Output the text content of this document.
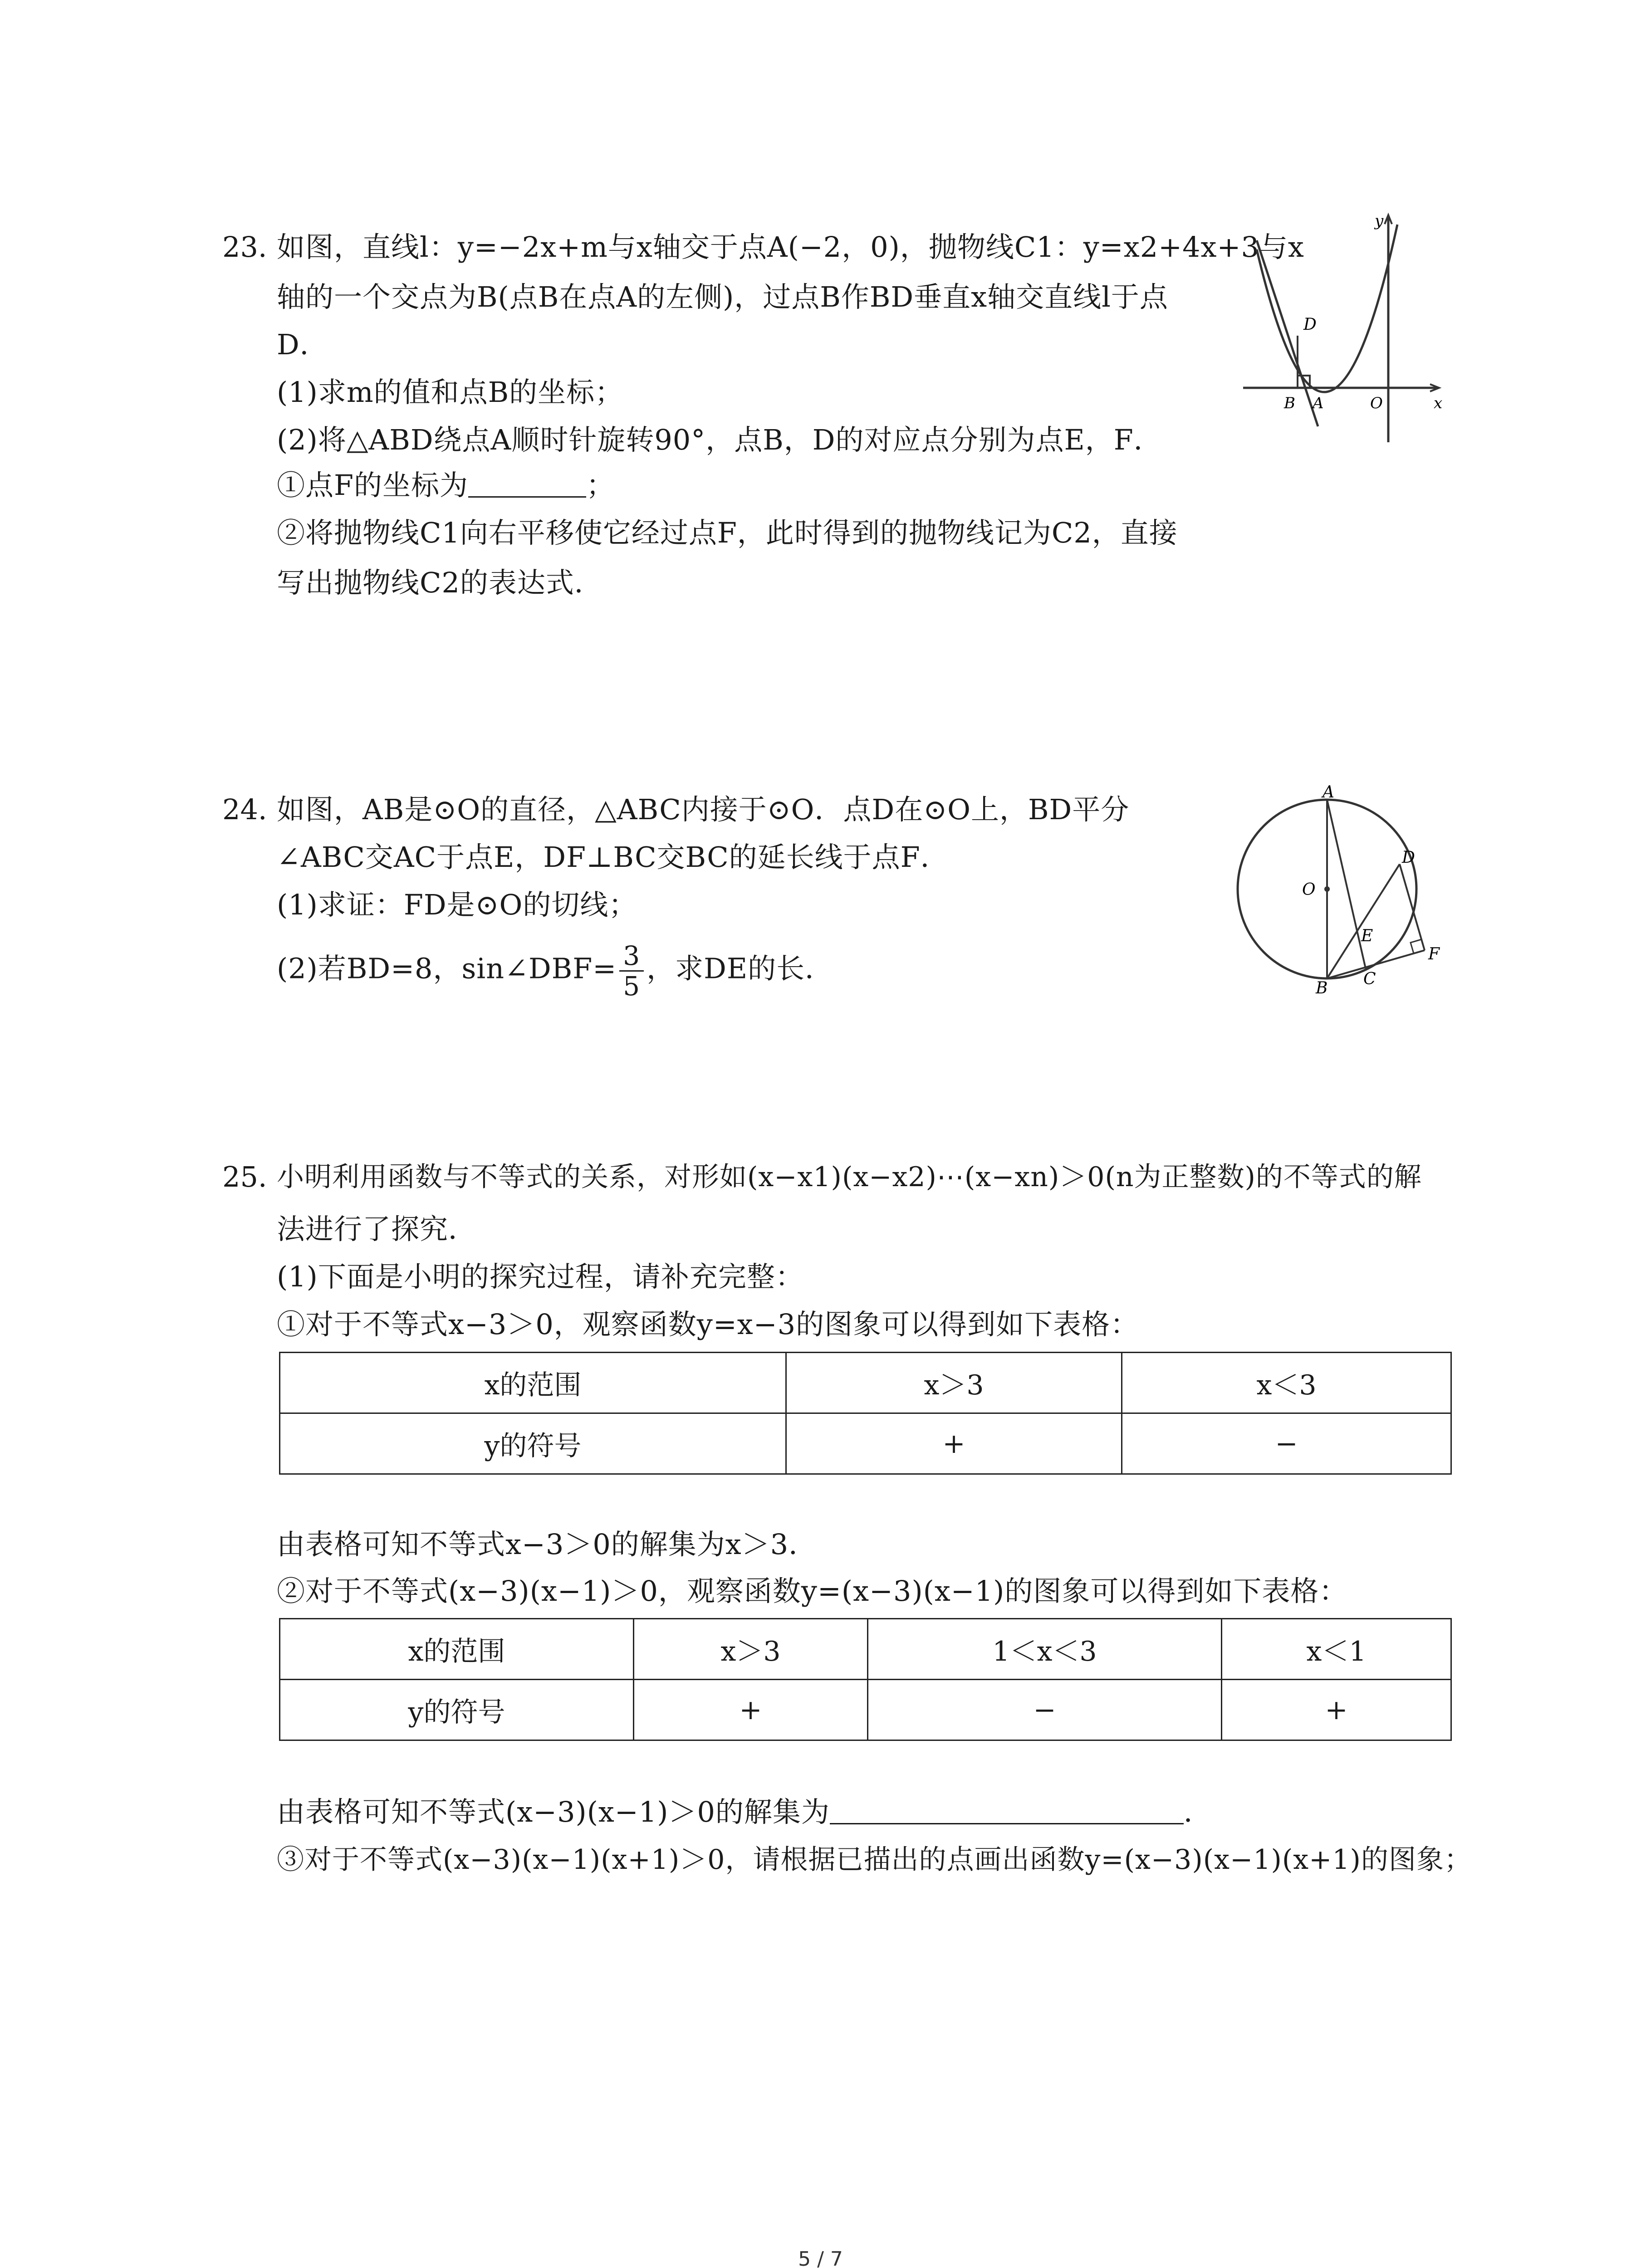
23. 如图，直线l：y=−2x+m与x轴交于点A(−2，0)，抛物线C1：y=x2+4x+3与x
轴的一个交点为B(点B在点A的左侧)，过点B作BD垂直x轴交直线l于点
D．
(1)求m的值和点B的坐标；
(2)将△ABD绕点A顺时针旋转90°，点B，D的对应点分别为点E，F．
①点F的坐标为	；
②将抛物线C1向右平移使它经过点F，此时得到的抛物线记为C2，直接
写出抛物线C2的表达式．
y
x
D
B A	O
24. 如图，AB是⊙O的直径，△ABC内接于⊙O．点D在⊙O上，BD平分
∠ABC交AC于点E，DF⊥BC交BC的延长线于点F．
(1)求证：FD是⊙O的切线；
(2)若BD=8，sin∠DBF= $\frac{3}{5}$ ，求DE的长．
A
O
D
E
F
B C
25. 小明利用函数与不等式的关系，对形如(x−x1)(x−x2)⋯(x−xn)＞0(n为正整数)的不等式的解
法进行了探究．
(1)下面是小明的探究过程，请补充完整：
①对于不等式x−3＞0，观察函数y=x−3的图象可以得到如下表格：
x的范围	x＞3	x＜3
y的符号	+	−
由表格可知不等式x−3＞0的解集为x＞3．
②对于不等式(x−3)(x−1)＞0，观察函数y=(x−3)(x−1)的图象可以得到如下表格：
x的范围	x＞3	1＜x＜3	x＜1
y的符号	+	−	+
由表格可知不等式(x−3)(x−1)＞0的解集为	．
③对于不等式(x−3)(x−1)(x+1)＞0，请根据已描出的点画出函数y=(x−3)(x−1)(x+1)的图象；
5 / 7
